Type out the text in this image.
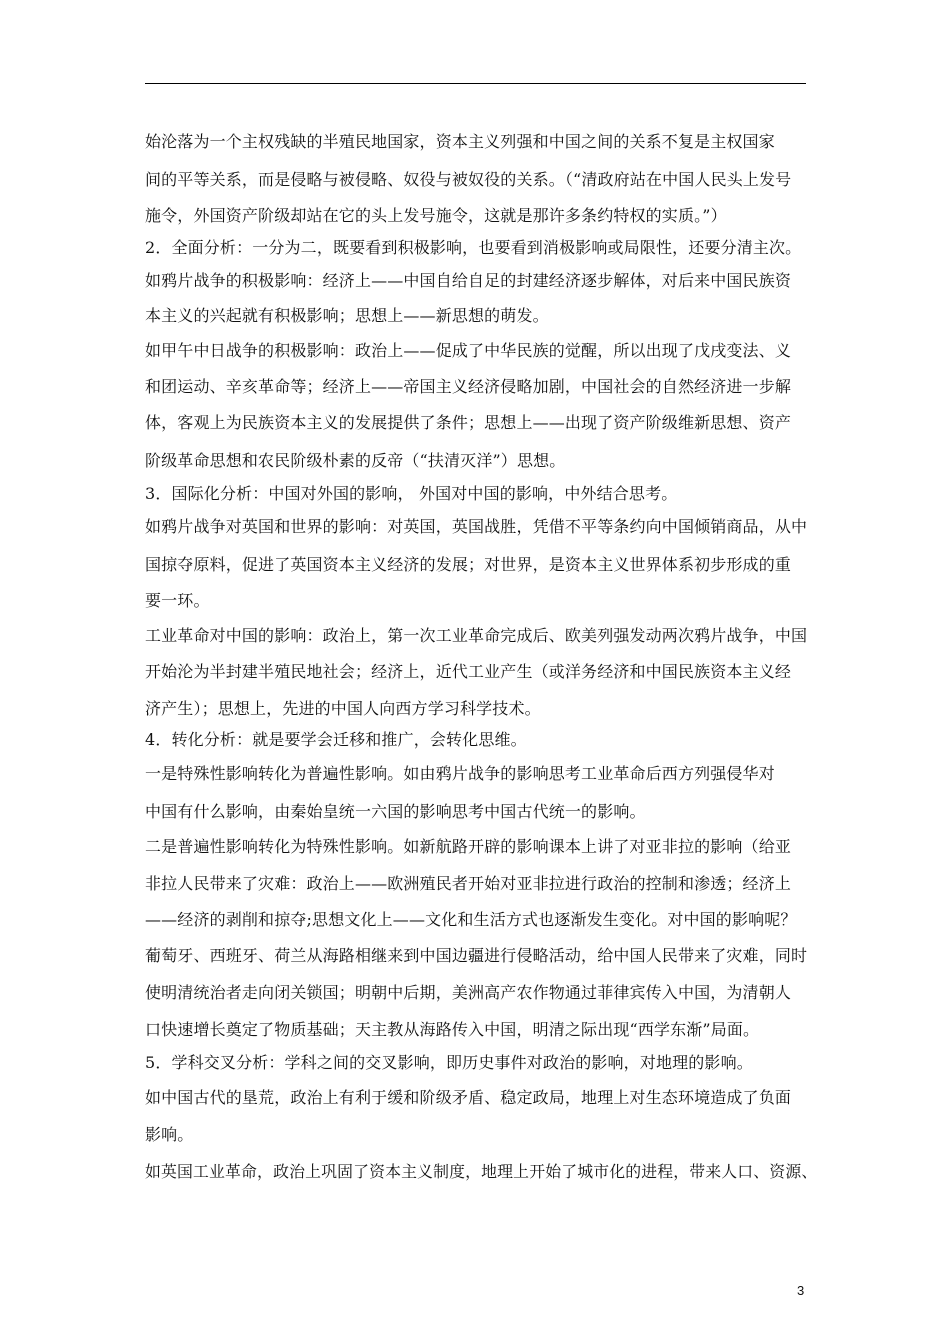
始沦落为一个主权残缺的半殖民地国家，资本主义列强和中国之间的关系不复是主权国家
间的平等关系，而是侵略与被侵略、奴役与被奴役的关系。（“清政府站在中国人民头上发号
施令，外国资产阶级却站在它的头上发号施令，这就是那许多条约特权的实质。”）
2．全面分析：一分为二，既要看到积极影响，也要看到消极影响或局限性，还要分清主次。
如鸦片战争的积极影响：经济上——中国自给自足的封建经济逐步解体，对后来中国民族资
本主义的兴起就有积极影响；思想上——新思想的萌发。
如甲午中日战争的积极影响：政治上——促成了中华民族的觉醒，所以出现了戊戌变法、义
和团运动、辛亥革命等；经济上——帝国主义经济侵略加剧，中国社会的自然经济进一步解
体，客观上为民族资本主义的发展提供了条件；思想上——出现了资产阶级维新思想、资产
阶级革命思想和农民阶级朴素的反帝（“扶清灭洋”）思想。
3．国际化分析：中国对外国的影响， 外国对中国的影响，中外结合思考。
如鸦片战争对英国和世界的影响：对英国，英国战胜，凭借不平等条约向中国倾销商品，从中
国掠夺原料，促进了英国资本主义经济的发展；对世界，是资本主义世界体系初步形成的重
要一环。
工业革命对中国的影响：政治上，第一次工业革命完成后、欧美列强发动两次鸦片战争，中国
开始沦为半封建半殖民地社会；经济上，近代工业产生（或洋务经济和中国民族资本主义经
济产生）；思想上，先进的中国人向西方学习科学技术。
4．转化分析：就是要学会迁移和推广，会转化思维。
一是特殊性影响转化为普遍性影响。如由鸦片战争的影响思考工业革命后西方列强侵华对
中国有什么影响，由秦始皇统一六国的影响思考中国古代统一的影响。
二是普遍性影响转化为特殊性影响。如新航路开辟的影响课本上讲了对亚非拉的影响（给亚
非拉人民带来了灾难：政治上——欧洲殖民者开始对亚非拉进行政治的控制和渗透；经济上
——经济的剥削和掠夺;思想文化上——文化和生活方式也逐渐发生变化。对中国的影响呢？
葡萄牙、西班牙、荷兰从海路相继来到中国边疆进行侵略活动，给中国人民带来了灾难，同时
使明清统治者走向闭关锁国；明朝中后期，美洲高产农作物通过菲律宾传入中国，为清朝人
口快速增长奠定了物质基础；天主教从海路传入中国，明清之际出现“西学东渐”局面。
5．学科交叉分析：学科之间的交叉影响，即历史事件对政治的影响，对地理的影响。
如中国古代的垦荒，政治上有利于缓和阶级矛盾、稳定政局，地理上对生态环境造成了负面
影响。
如英国工业革命，政治上巩固了资本主义制度，地理上开始了城市化的进程，带来人口、资源、
3
